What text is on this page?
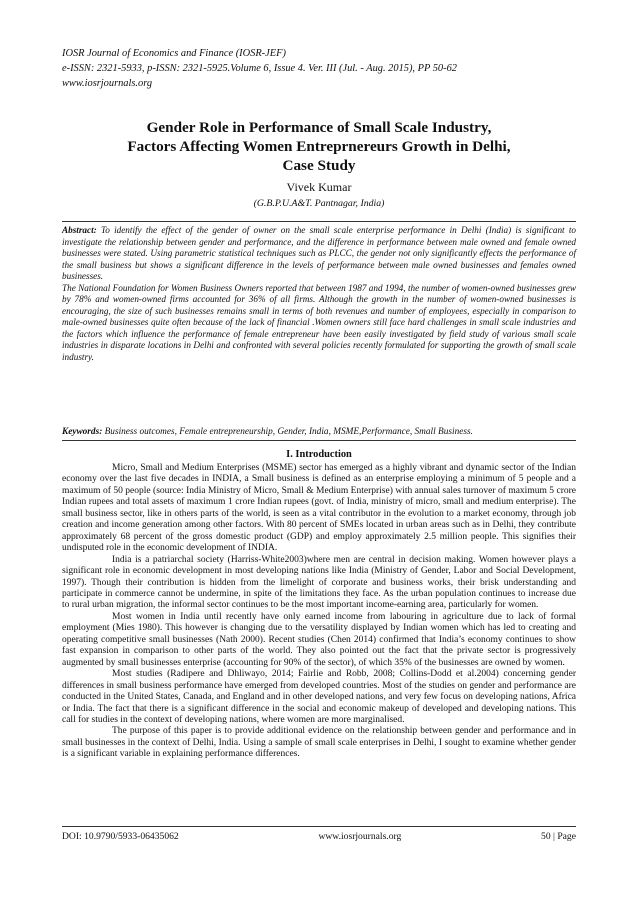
IOSR Journal of Economics and Finance (IOSR-JEF)
e-ISSN: 2321-5933, p-ISSN: 2321-5925.Volume 6, Issue 4. Ver. III (Jul. - Aug. 2015), PP 50-62
www.iosrjournals.org
Gender Role in Performance of Small Scale Industry,
Factors Affecting Women Entreprnereurs Growth in Delhi,
Case Study
Vivek Kumar
(G.B.P.U.A&T. Pantnagar, India)

Abstract: To identify the effect of the gender of owner on the small scale enterprise performance in Delhi (India) is significant to investigate the relationship between gender and performance, and the difference in performance between male owned and female owned businesses were stated. Using parametric statistical techniques such as PLCC, the gender not only significantly effects the performance of the small business but shows a significant difference in the levels of performance between male owned businesses and females owned businesses.

The National Foundation for Women Business Owners reported that between 1987 and 1994, the number of women-owned businesses grew by 78% and women-owned firms accounted for 36% of all firms. Although the growth in the number of women-owned businesses is encouraging, the size of such businesses remains small in terms of both revenues and number of employees, especially in comparison to male-owned businesses quite often because of the lack of financial .Women owners still face hard challenges in small scale industries and the factors which influence the performance of female entrepreneur have been easily investigated by field study of various small scale industries in disparate locations in Delhi and confronted with several policies recently formulated for supporting the growth of small scale industry.

Keywords: Business outcomes, Female entrepreneurship, Gender, India, MSME,Performance, Small Business.
I. Introduction

Micro, Small and Medium Enterprises (MSME) sector has emerged as a highly vibrant and dynamic sector of the Indian economy over the last five decades in INDIA, a Small business is defined as an enterprise employing a minimum of 5 people and a maximum of 50 people (source: India Ministry of Micro, Small & Medium Enterprise) with annual sales turnover of maximum 5 crore Indian rupees and total assets of maximum 1 crore Indian rupees (govt. of India, ministry of micro, small and medium enterprise). The small business sector, like in others parts of the world, is seen as a vital contributor in the evolution to a market economy, through job creation and income generation among other factors. With 80 percent of SMEs located in urban areas such as in Delhi, they contribute approximately 68 percent of the gross domestic product (GDP) and employ approximately 2.5 million people. This signifies their undisputed role in the economic development of INDIA.

India is a patriarchal society (Harriss-White2003)where men are central in decision making. Women however plays a significant role in economic development in most developing nations like India (Ministry of Gender, Labor and Social Development, 1997). Though their contribution is hidden from the limelight of corporate and business works, their brisk understanding and participate in commerce cannot be undermine, in spite of the limitations they face. As the urban population continues to increase due to rural urban migration, the informal sector continues to be the most important income-earning area, particularly for women.

Most women in India until recently have only earned income from labouring in agriculture due to lack of formal employment (Mies 1980). This however is changing due to the versatility displayed by Indian women which has led to creating and operating competitive small businesses (Nath 2000). Recent studies (Chen 2014) confirmed that India’s economy continues to show fast expansion in comparison to other parts of the world. They also pointed out the fact that the private sector is progressively augmented by small businesses enterprise (accounting for 90% of the sector), of which 35% of the businesses are owned by women.

Most studies (Radipere and Dhliwayo, 2014; Fairlie and Robb, 2008; Collins-Dodd et al.2004) concerning gender differences in small business performance have emerged from developed countries. Most of the studies on gender and performance are conducted in the United States, Canada, and England and in other developed nations, and very few focus on developing nations, Africa or India. The fact that there is a significant difference in the social and economic makeup of developed and developing nations. This call for studies in the context of developing nations, where women are more marginalised.

The purpose of this paper is to provide additional evidence on the relationship between gender and performance and in small businesses in the context of Delhi, India. Using a sample of small scale enterprises in Delhi, I sought to examine whether gender is a significant variable in explaining performance differences.

DOI: 10.9790/5933-06435062	www.iosrjournals.org	50 | Page
